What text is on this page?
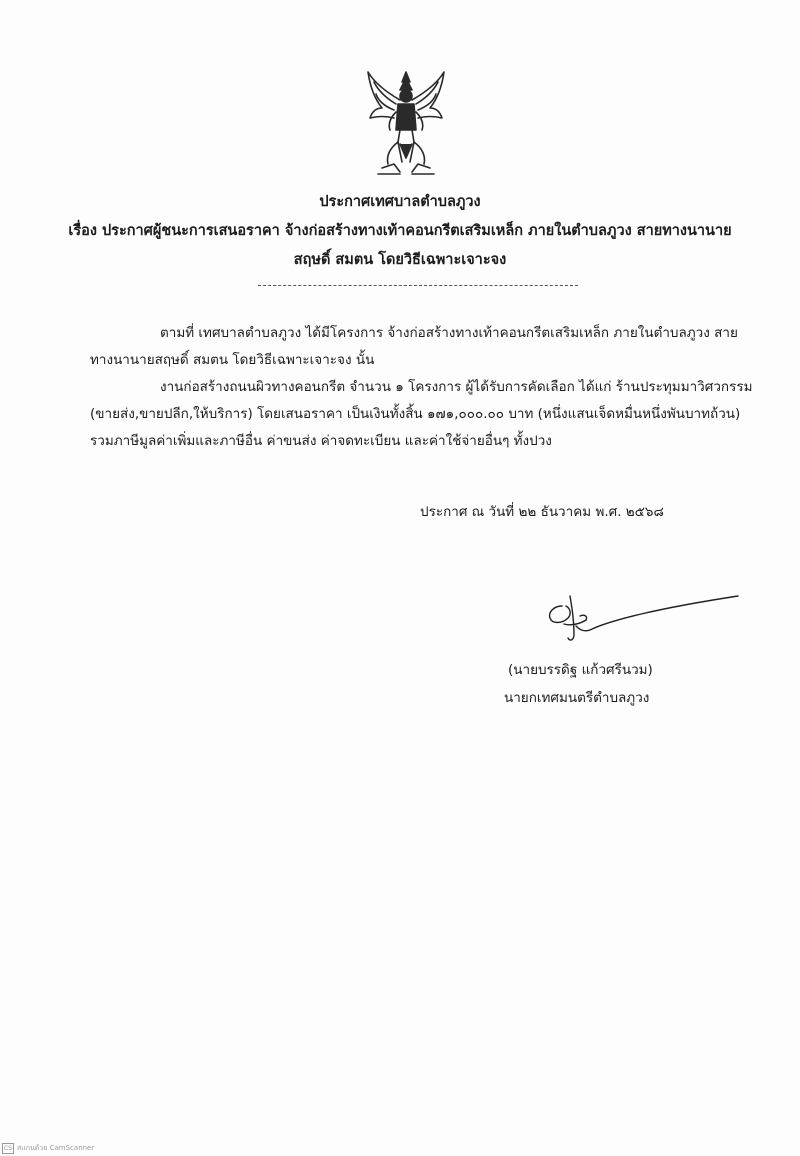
ประกาศเทศบาลตำบลภูวง
เรื่อง ประกาศผู้ชนะการเสนอราคา จ้างก่อสร้างทางเท้าคอนกรีตเสริมเหล็ก ภายในตำบลภูวง สายทางนานาย
สฤษดิ์ สมตน โดยวิธีเฉพาะเจาะจง
ตามที่ เทศบาลตำบลภูวง ได้มีโครงการ จ้างก่อสร้างทางเท้าคอนกรีตเสริมเหล็ก ภายในตำบลภูวง สาย
ทางนานายสฤษดิ์ สมตน โดยวิธีเฉพาะเจาะจง นั้น
งานก่อสร้างถนนผิวทางคอนกรีต จำนวน ๑ โครงการ ผู้ได้รับการคัดเลือก ได้แก่ ร้านประทุมมาวิศวกรรม
(ขายส่ง,ขายปลีก,ให้บริการ) โดยเสนอราคา เป็นเงินทั้งสิ้น ๑๗๑,๐๐๐.๐๐ บาท (หนึ่งแสนเจ็ดหมื่นหนึ่งพันบาทถ้วน)
รวมภาษีมูลค่าเพิ่มและภาษีอื่น ค่าขนส่ง ค่าจดทะเบียน และค่าใช้จ่ายอื่นๆ ทั้งปวง
ประกาศ ณ วันที่ ๒๒ ธันวาคม พ.ศ. ๒๕๖๘
(นายบรรดิฐ แก้วศรีนวม)
นายกเทศมนตรีตำบลภูวง
CS สแกนด้วย CamScanner
